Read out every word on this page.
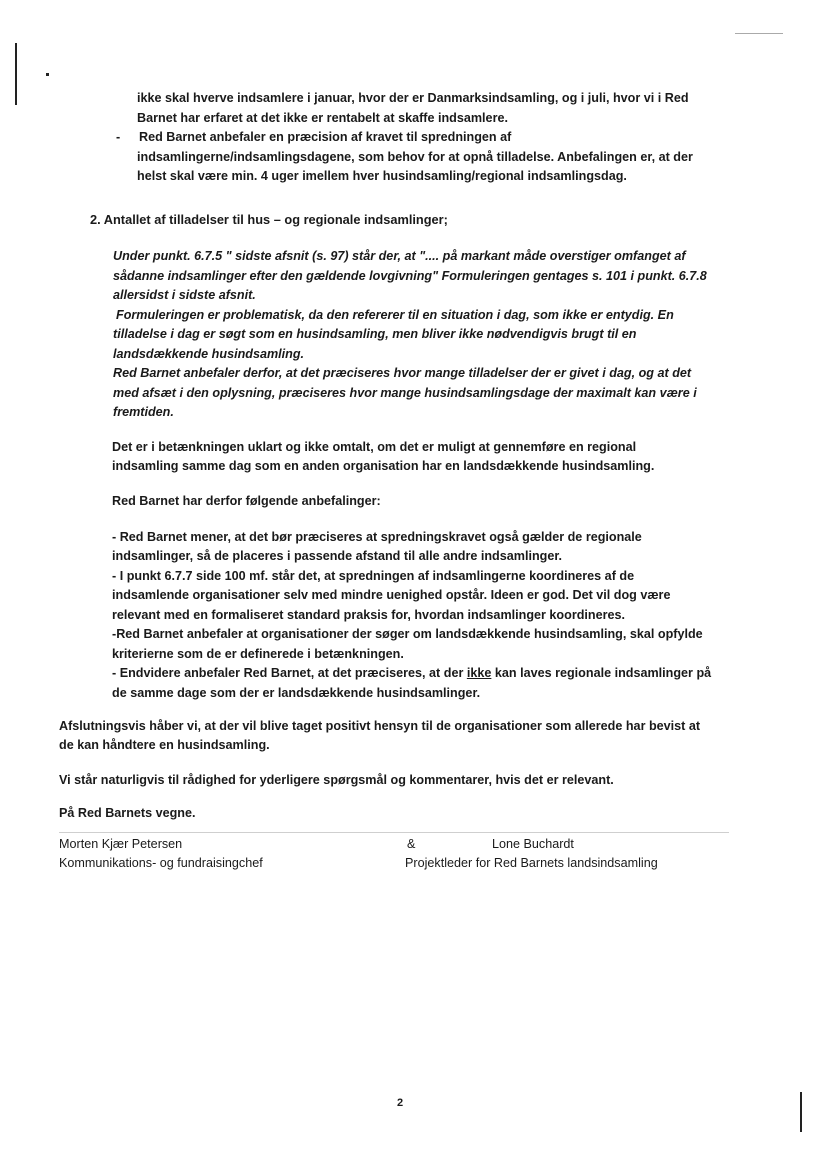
ikke skal hverve indsamlere i januar, hvor der er Danmarksindsamling, og i juli, hvor vi i Red

Barnet har erfaret at det ikke er rentabelt at skaffe indsamlere.

- Red Barnet anbefaler en præcision af kravet til spredningen af

indsamlingerne/indsamlingsdagene, som behov for at opnå tilladelse. Anbefalingen er, at der

helst skal være min. 4 uger imellem hver husindsamling/regional indsamlingsdag.

2. Antallet af tilladelser til hus – og regionale indsamlinger;

Under punkt. 6.7.5 " sidste afsnit (s. 97) står der, at ".... på markant måde overstiger omfanget af

sådanne indsamlinger efter den gældende lovgivning" Formuleringen gentages s. 101 i punkt. 6.7.8

allersidst i sidste afsnit.

Formuleringen er problematisk, da den refererer til en situation i dag, som ikke er entydig. En

tilladelse i dag er søgt som en husindsamling, men bliver ikke nødvendigvis brugt til en

landsdækkende husindsamling.

Red Barnet anbefaler derfor, at det præciseres hvor mange tilladelser der er givet i dag, og at det

med afsæt i den oplysning, præciseres hvor mange husindsamlingsdage der maximalt kan være i

fremtiden.

Det er i betænkningen uklart og ikke omtalt, om det er muligt at gennemføre en regional

indsamling samme dag som en anden organisation har en landsdækkende husindsamling.

Red Barnet har derfor følgende anbefalinger:

- Red Barnet mener, at det bør præciseres at spredningskravet også gælder de regionale

indsamlinger, så de placeres i passende afstand til alle andre indsamlinger.

- I punkt 6.7.7 side 100 mf. står det, at spredningen af indsamlingerne koordineres af de

indsamlende organisationer selv med mindre uenighed opstår. Ideen er god. Det vil dog være

relevant med en formaliseret standard praksis for, hvordan indsamlinger koordineres.

-Red Barnet anbefaler at organisationer der søger om landsdækkende husindsamling, skal opfylde

kriterierne som de er definerede i betænkningen.

- Endvidere anbefaler Red Barnet, at det præciseres, at der ikke kan laves regionale indsamlinger på

de samme dage som der er landsdækkende husindsamlinger.

Afslutningsvis håber vi, at der vil blive taget positivt hensyn til de organisationer som allerede har bevist at

de kan håndtere en husindsamling.

Vi står naturligvis til rådighed for yderligere spørgsmål og kommentarer, hvis det er relevant.

På Red Barnets vegne.

Morten Kjær Petersen

Kommunikations- og fundraisingchef

&	Lone Buchardt

Projektleder for Red Barnets landsindsamling

2
